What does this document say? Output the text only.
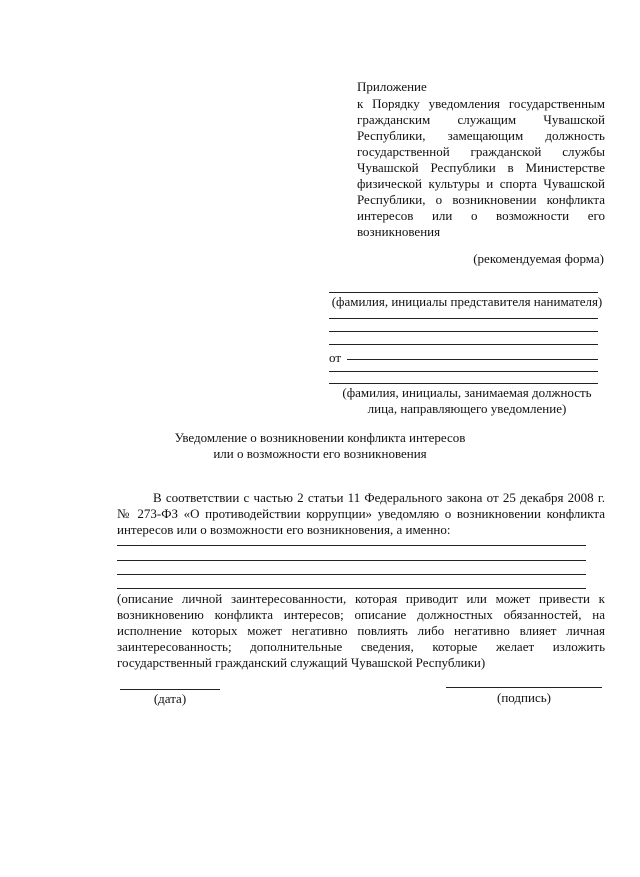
Приложение
к Порядку уведомления государственным гражданским служащим Чувашской Республики, замещающим должность государственной гражданской службы Чувашской Республики в Министерстве физической культуры и спорта Чувашской Республики, о возникновении конфликта интересов или о возможности его возникновения
(рекомендуемая форма)
(фамилия, инициалы представителя нанимателя)
от
(фамилия, инициалы, занимаемая должность
лица, направляющего уведомление)
Уведомление о возникновении конфликта интересов
или о возможности его возникновения
В соответствии с частью 2 статьи 11 Федерального закона от 25 декабря 2008 г. № 273-ФЗ «О противодействии коррупции» уведомляю о возникновении конфликта интересов или о возможности его возникновения, а именно:
(описание личной заинтересованности, которая приводит или может привести к возникновению конфликта интересов; описание должностных обязанностей, на исполнение которых может негативно повлиять либо негативно влияет личная заинтересованность; дополнительные сведения, которые желает изложить государственный гражданский служащий Чувашской Республики)
(дата)	(подпись)
